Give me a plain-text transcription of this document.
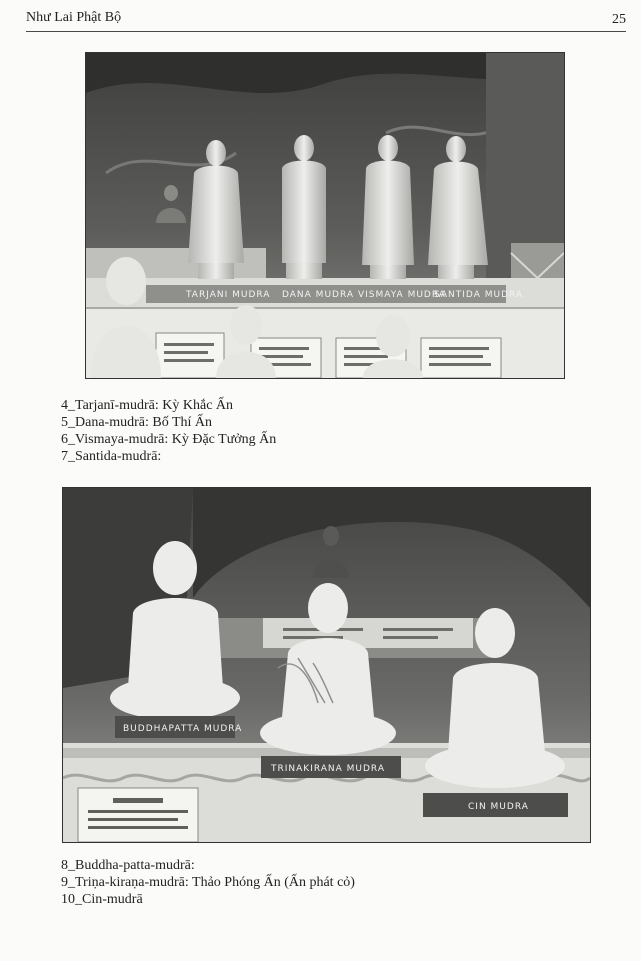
Như Lai Phật Bộ	25
TARJANI MUDRA DANA MUDRA VISMAYA MUDRA
SANTIDA MUDRA
4_Tarjanī-mudrā: Kỳ Khắc Ấn
5_Dana-mudrā: Bố Thí Ấn
6_Vismaya-mudrā: Kỳ Đặc Tưởng Ấn
7_Santida-mudrā:
BUDDHAPATTA MUDRA
TRINAKIRANA MUDRA
CIN MUDRA
8_Buddha-patta-mudrā:
9_Triṇa-kiraṇa-mudrā: Thảo Phóng Ấn (Ấn phát cỏ)
10_Cin-mudrā
